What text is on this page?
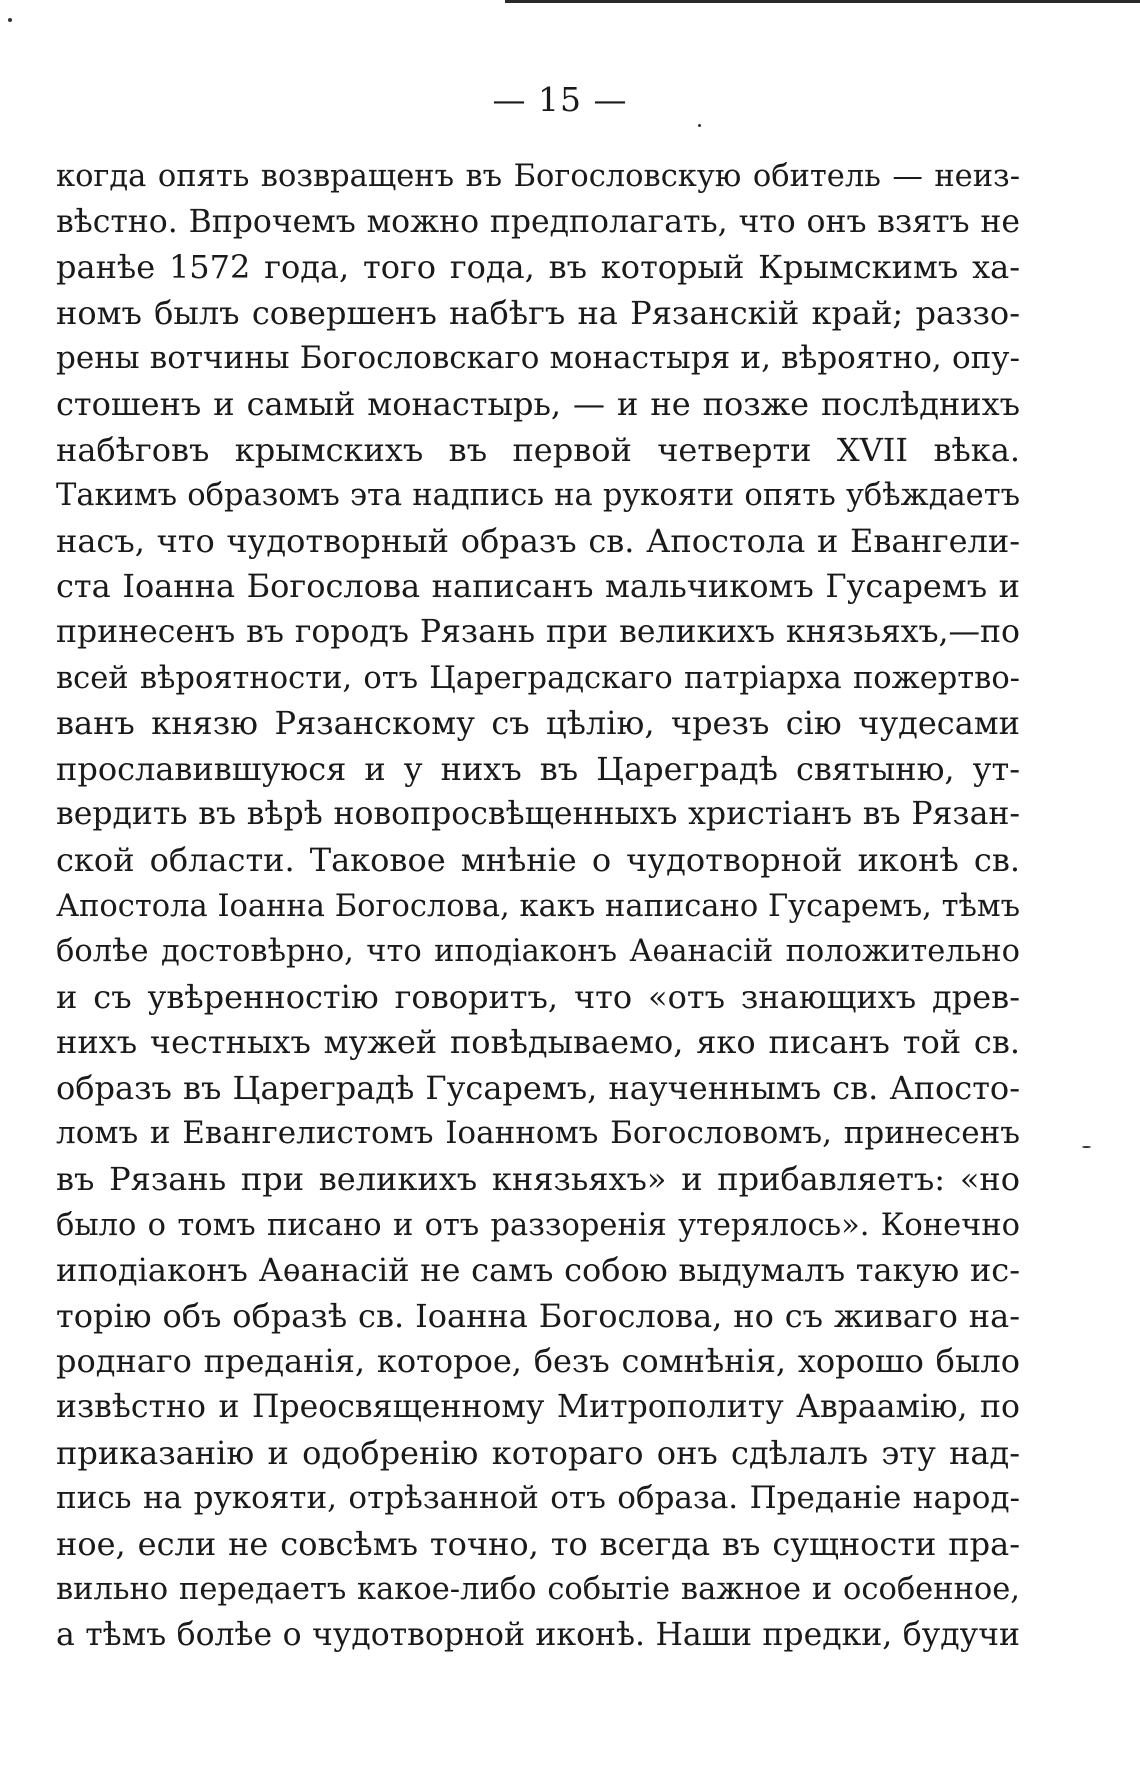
— 15 —
когда опять возвращенъ въ Богословскую обитель — неиз-
вѣстно. Впрочемъ можно предполагать, что онъ взятъ не
ранѣе 1572 года, того года, въ который Крымскимъ ха-
номъ былъ совершенъ набѣгъ на Рязанскій край; раззо-
рены вотчины Богословскаго монастыря и, вѣроятно, опу-
стошенъ и самый монастырь, — и не позже послѣднихъ
набѣговъ крымскихъ въ первой четверти XVII вѣка.
Такимъ образомъ эта надпись на рукояти опять убѣждаетъ
насъ, что чудотворный образъ св. Апостола и Евангели-
ста Іоанна Богослова написанъ мальчикомъ Гусаремъ и
принесенъ въ городъ Рязань при великихъ князьяхъ,—по
всей вѣроятности, отъ Цареградскаго патріарха пожертво-
ванъ князю Рязанскому съ цѣлію, чрезъ сію чудесами
прославившуюся и у нихъ въ Цареградѣ святыню, ут-
вердить въ вѣрѣ новопросвѣщенныхъ христіанъ въ Рязан-
ской области. Таковое мнѣніе о чудотворной иконѣ св.
Апостола Іоанна Богослова, какъ написано Гусаремъ, тѣмъ
болѣе достовѣрно, что иподіаконъ Аѳанасій положительно
и съ увѣренностію говоритъ, что «отъ знающихъ древ-
нихъ честныхъ мужей повѣдываемо, яко писанъ той св.
образъ въ Цареградѣ Гусаремъ, наученнымъ св. Апосто-
ломъ и Евангелистомъ Іоанномъ Богословомъ, принесенъ
въ Рязань при великихъ князьяхъ» и прибавляетъ: «но
было о томъ писано и отъ раззоренія утерялось». Конечно
иподіаконъ Аѳанасій не самъ собою выдумалъ такую ис-
торію объ образѣ св. Іоанна Богослова, но съ живаго на-
роднаго преданія, которое, безъ сомнѣнія, хорошо было
извѣстно и Преосвященному Митрополиту Авраамію, по
приказанію и одобренію котораго онъ сдѣлалъ эту над-
пись на рукояти, отрѣзанной отъ образа. Преданіе народ-
ное, если не совсѣмъ точно, то всегда въ сущности пра-
вильно передаетъ какое-либо событіе важное и особенное,
а тѣмъ болѣе о чудотворной иконѣ. Наши предки, будучи
